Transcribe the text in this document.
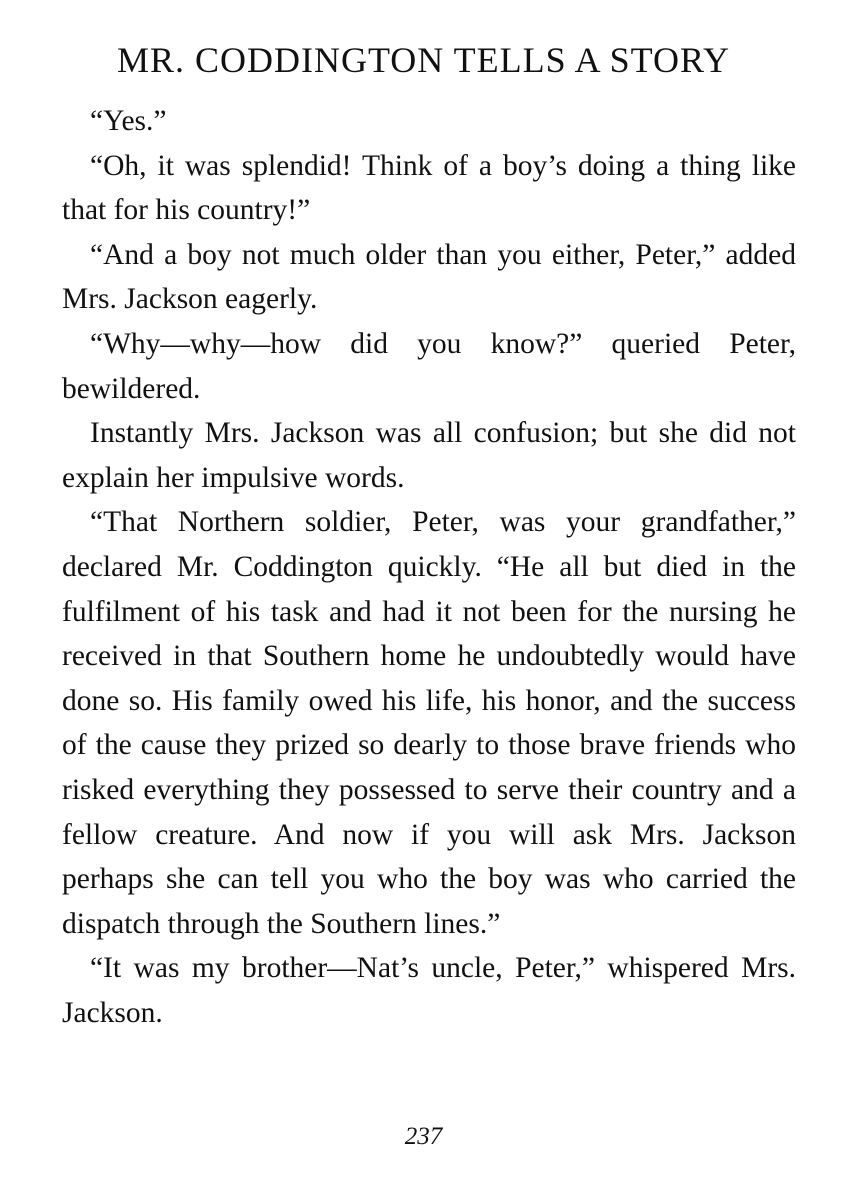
MR. CODDINGTON TELLS A STORY

“Yes.”

“Oh, it was splendid! Think of a boy’s doing a thing like that for his country!”

“And a boy not much older than you either, Peter,” added Mrs. Jackson eagerly.

“Why—why—how did you know?” queried Peter, bewildered.

Instantly Mrs. Jackson was all confusion; but she did not explain her impulsive words.

“That Northern soldier, Peter, was your grandfather,” declared Mr. Coddington quickly. “He all but died in the fulfilment of his task and had it not been for the nursing he received in that Southern home he undoubtedly would have done so. His family owed his life, his honor, and the success of the cause they prized so dearly to those brave friends who risked everything they possessed to serve their country and a fellow creature. And now if you will ask Mrs. Jackson perhaps she can tell you who the boy was who carried the dispatch through the Southern lines.”

“It was my brother—Nat’s uncle, Peter,” whispered Mrs. Jackson.

237
